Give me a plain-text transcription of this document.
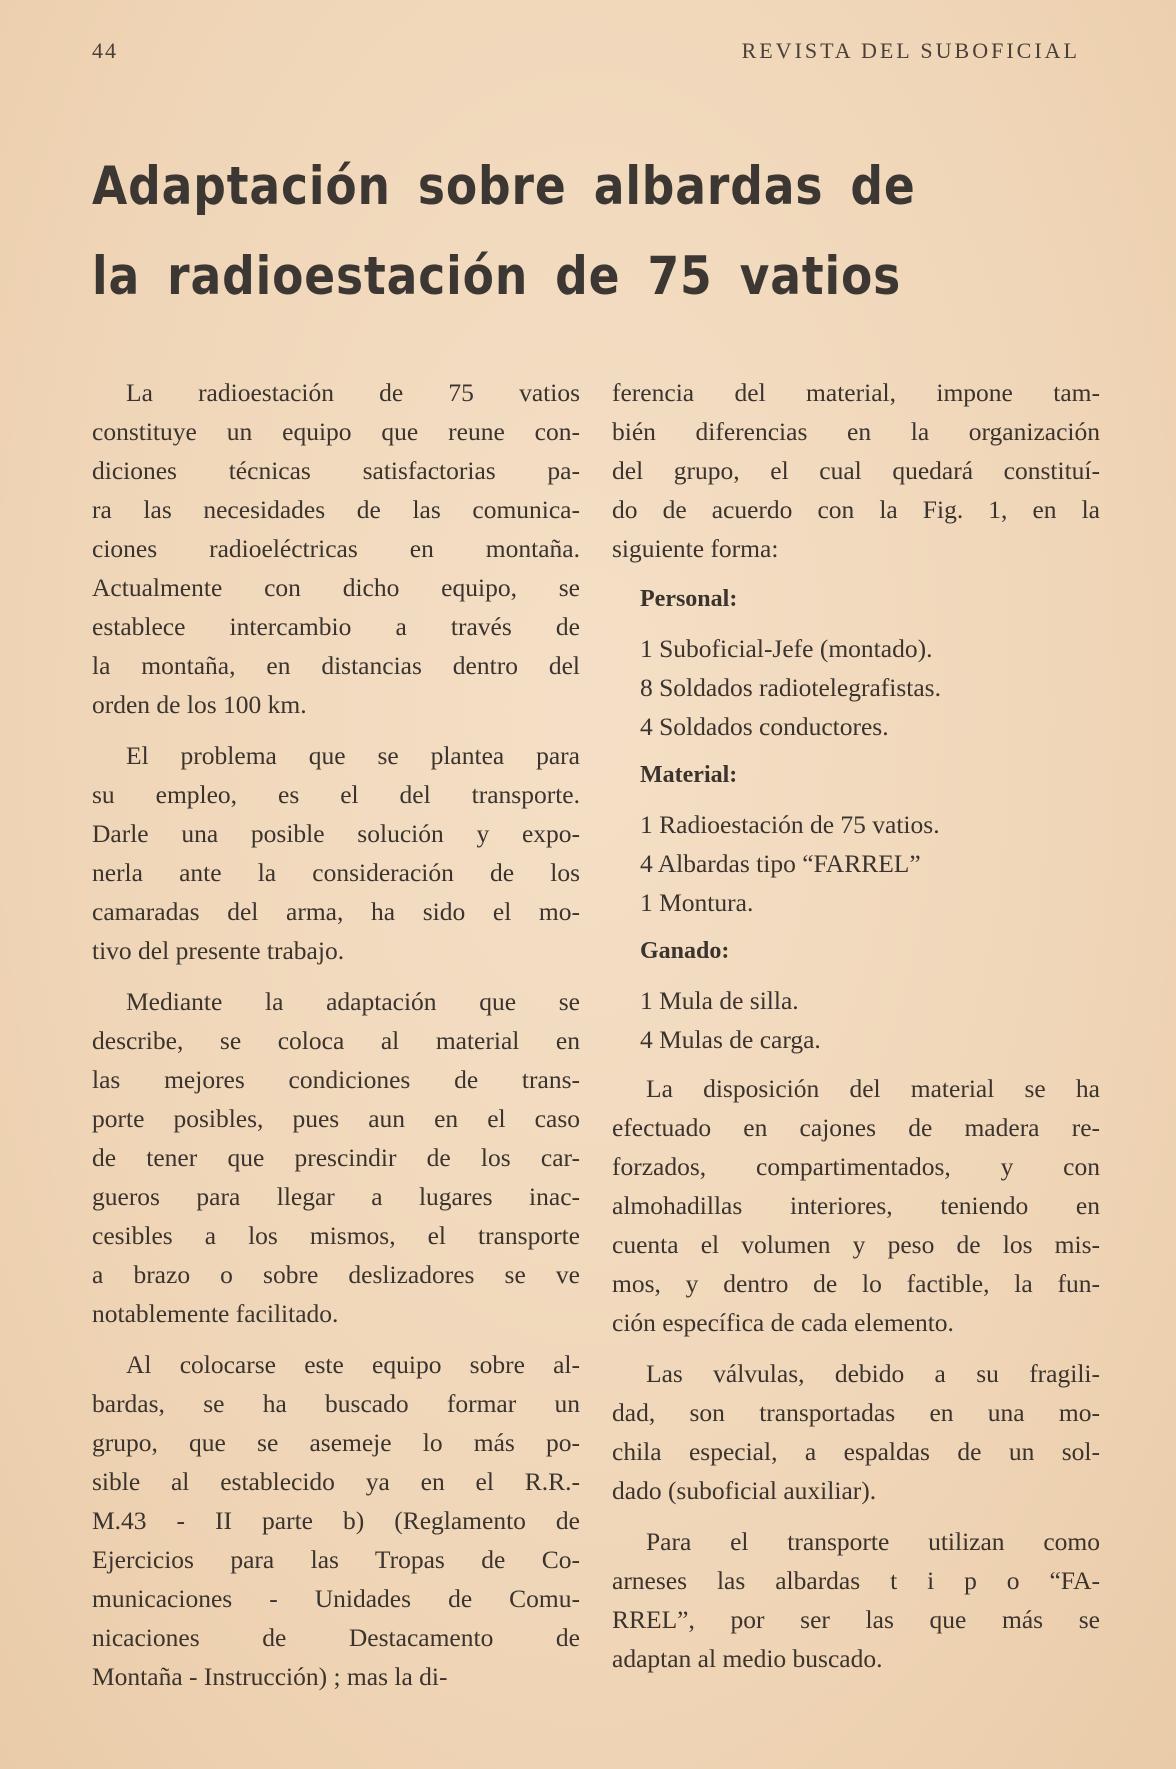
44	REVISTA DEL SUBOFICIAL
Adaptación sobre albardas de
la radioestación de 75 vatios

La radioestación de 75 vatios
constituye un equipo que reune con-
diciones técnicas satisfactorias pa-
ra las necesidades de las comunica-
ciones radioeléctricas en montaña.
Actualmente con dicho equipo, se
establece intercambio a través de
la montaña, en distancias dentro del
orden de los 100 km.

El problema que se plantea para
su empleo, es el del transporte.
Darle una posible solución y expo-
nerla ante la consideración de los
camaradas del arma, ha sido el mo-
tivo del presente trabajo.

Mediante la adaptación que se
describe, se coloca al material en
las mejores condiciones de trans-
porte posibles, pues aun en el caso
de tener que prescindir de los car-
gueros para llegar a lugares inac-
cesibles a los mismos, el transporte
a brazo o sobre deslizadores se ve
notablemente facilitado.

Al colocarse este equipo sobre al-
bardas, se ha buscado formar un
grupo, que se asemeje lo más po-
sible al establecido ya en el R.R.-
M.43 - II parte b) (Reglamento de
Ejercicios para las Tropas de Co-
municaciones - Unidades de Comu-
nicaciones de Destacamento de
Montaña - Instrucción) ; mas la di-

ferencia del material, impone tam-
bién diferencias en la organización
del grupo, el cual quedará constituí-
do de acuerdo con la Fig. 1, en la
siguiente forma:

Personal:
1 Suboficial-Jefe (montado).
8 Soldados radiotelegrafistas.
4 Soldados conductores.
Material:
1 Radioestación de 75 vatios.
4 Albardas tipo “FARREL”
1 Montura.
Ganado:
1 Mula de silla.
4 Mulas de carga.

La disposición del material se ha
efectuado en cajones de madera re-
forzados, compartimentados, y con
almohadillas interiores, teniendo en
cuenta el volumen y peso de los mis-
mos, y dentro de lo factible, la fun-
ción específica de cada elemento.

Las válvulas, debido a su fragili-
dad, son transportadas en una mo-
chila especial, a espaldas de un sol-
dado (suboficial auxiliar).

Para el transporte utilizan como
arneses las albardas t i p o “FA-
RREL”, por ser las que más se
adaptan al medio buscado.
